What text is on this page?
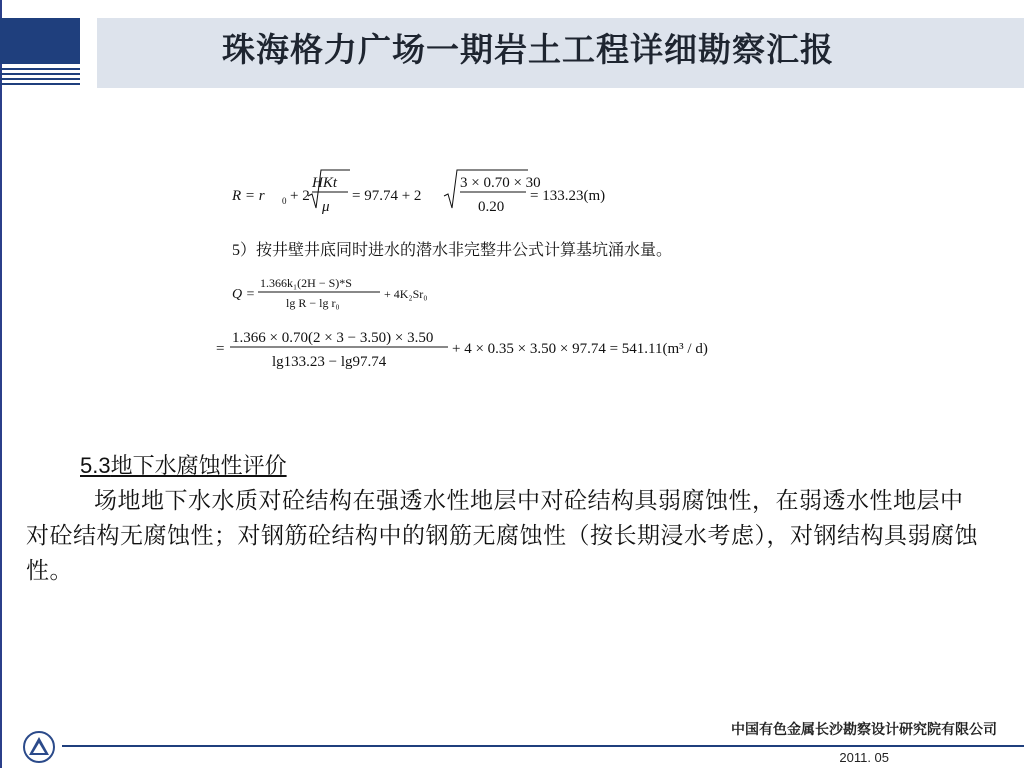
珠海格力广场一期岩土工程详细勘察汇报
R = r 0 + 2
HKt
μ
= 97.74 + 2
3 × 0.70 × 30
0.20
= 133.23(m)
5）按井壁井底同时进水的潜水非完整井公式计算基坑涌水量。
Q =
1.366k₁(2H − S)*S
lg R − lg r₀
+ 4K₂Sr₀
=
1.366 × 0.70(2 × 3 − 3.50) × 3.50
lg133.23 − lg97.74
+ 4 × 0.35 × 3.50 × 97.74 = 541.11(m³ / d)
5.3地下水腐蚀性评价
场地地下水水质对砼结构在强透水性地层中对砼结构具弱腐蚀性，在弱透水性地层中对砼结构无腐蚀性；对钢筋砼结构中的钢筋无腐蚀性（按长期浸水考虑），对钢结构具弱腐蚀性。
中国有色金属长沙勘察设计研究院有限公司
2011. 05
